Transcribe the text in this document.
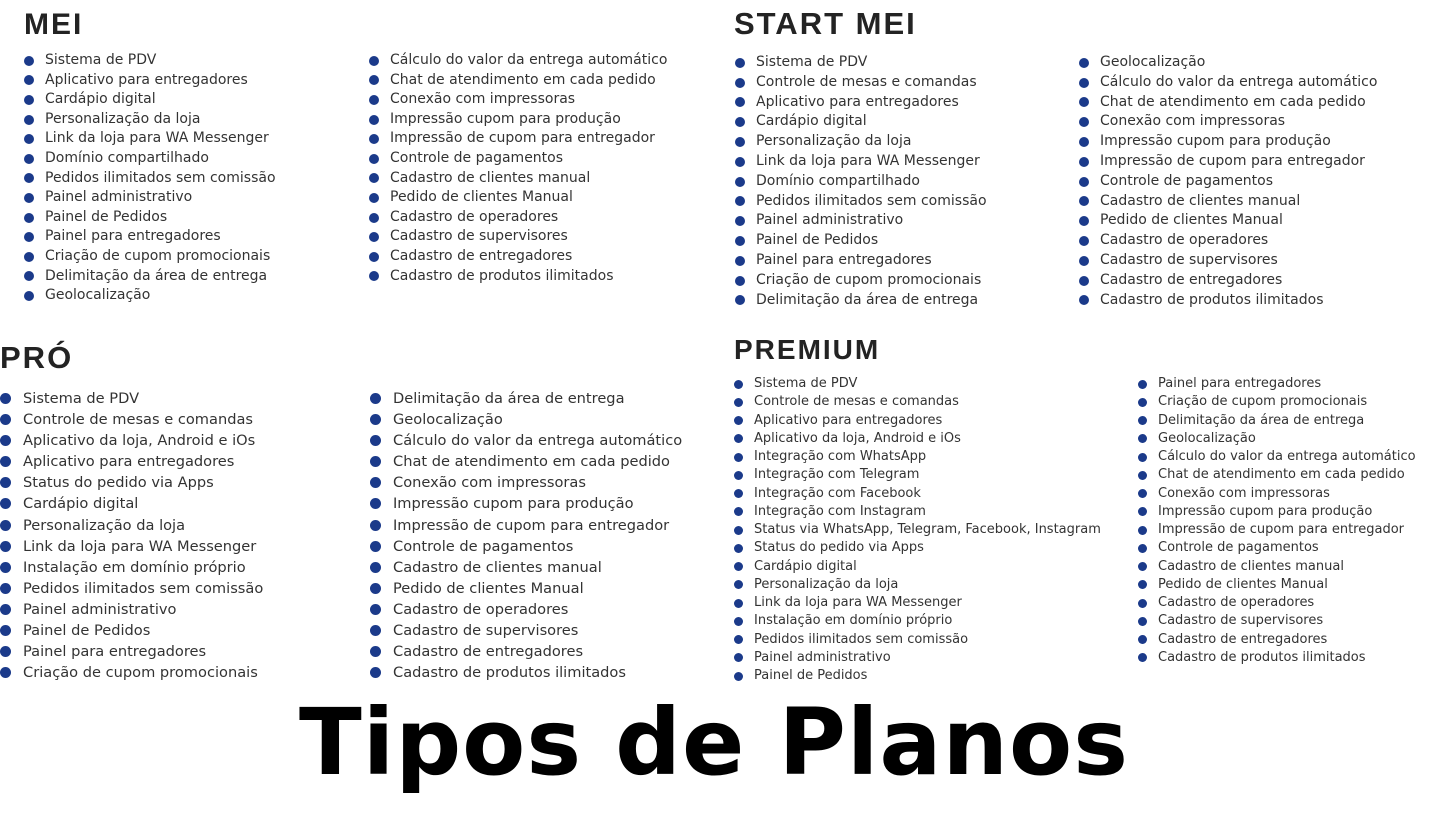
MEI
Sistema de PDV
Aplicativo para entregadores
Cardápio digital
Personalização da loja
Link da loja para WA Messenger
Domínio compartilhado
Pedidos ilimitados sem comissão
Painel administrativo
Painel de Pedidos
Painel para entregadores
Criação de cupom promocionais
Delimitação da área de entrega
Geolocalização
Cálculo do valor da entrega automático
Chat de atendimento em cada pedido
Conexão com impressoras
Impressão cupom para produção
Impressão de cupom para entregador
Controle de pagamentos
Cadastro de clientes manual
Pedido de clientes Manual
Cadastro de operadores
Cadastro de supervisores
Cadastro de entregadores
Cadastro de produtos ilimitados
START MEI
Sistema de PDV
Controle de mesas e comandas
Aplicativo para entregadores
Cardápio digital
Personalização da loja
Link da loja para WA Messenger
Domínio compartilhado
Pedidos ilimitados sem comissão
Painel administrativo
Painel de Pedidos
Painel para entregadores
Criação de cupom promocionais
Delimitação da área de entrega
Geolocalização
Cálculo do valor da entrega automático
Chat de atendimento em cada pedido
Conexão com impressoras
Impressão cupom para produção
Impressão de cupom para entregador
Controle de pagamentos
Cadastro de clientes manual
Pedido de clientes Manual
Cadastro de operadores
Cadastro de supervisores
Cadastro de entregadores
Cadastro de produtos ilimitados
PRÓ
Sistema de PDV
Controle de mesas e comandas
Aplicativo da loja, Android e iOs
Aplicativo para entregadores
Status do pedido via Apps
Cardápio digital
Personalização da loja
Link da loja para WA Messenger
Instalação em domínio próprio
Pedidos ilimitados sem comissão
Painel administrativo
Painel de Pedidos
Painel para entregadores
Criação de cupom promocionais
Delimitação da área de entrega
Geolocalização
Cálculo do valor da entrega automático
Chat de atendimento em cada pedido
Conexão com impressoras
Impressão cupom para produção
Impressão de cupom para entregador
Controle de pagamentos
Cadastro de clientes manual
Pedido de clientes Manual
Cadastro de operadores
Cadastro de supervisores
Cadastro de entregadores
Cadastro de produtos ilimitados
PREMIUM
Sistema de PDV
Controle de mesas e comandas
Aplicativo para entregadores
Aplicativo da loja, Android e iOs
Integração com WhatsApp
Integração com Telegram
Integração com Facebook
Integração com Instagram
Status via WhatsApp, Telegram, Facebook, Instagram
Status do pedido via Apps
Cardápio digital
Personalização da loja
Link da loja para WA Messenger
Instalação em domínio próprio
Pedidos ilimitados sem comissão
Painel administrativo
Painel de Pedidos
Painel para entregadores
Criação de cupom promocionais
Delimitação da área de entrega
Geolocalização
Cálculo do valor da entrega automático
Chat de atendimento em cada pedido
Conexão com impressoras
Impressão cupom para produção
Impressão de cupom para entregador
Controle de pagamentos
Cadastro de clientes manual
Pedido de clientes Manual
Cadastro de operadores
Cadastro de supervisores
Cadastro de entregadores
Cadastro de produtos ilimitados
Tipos de Planos
